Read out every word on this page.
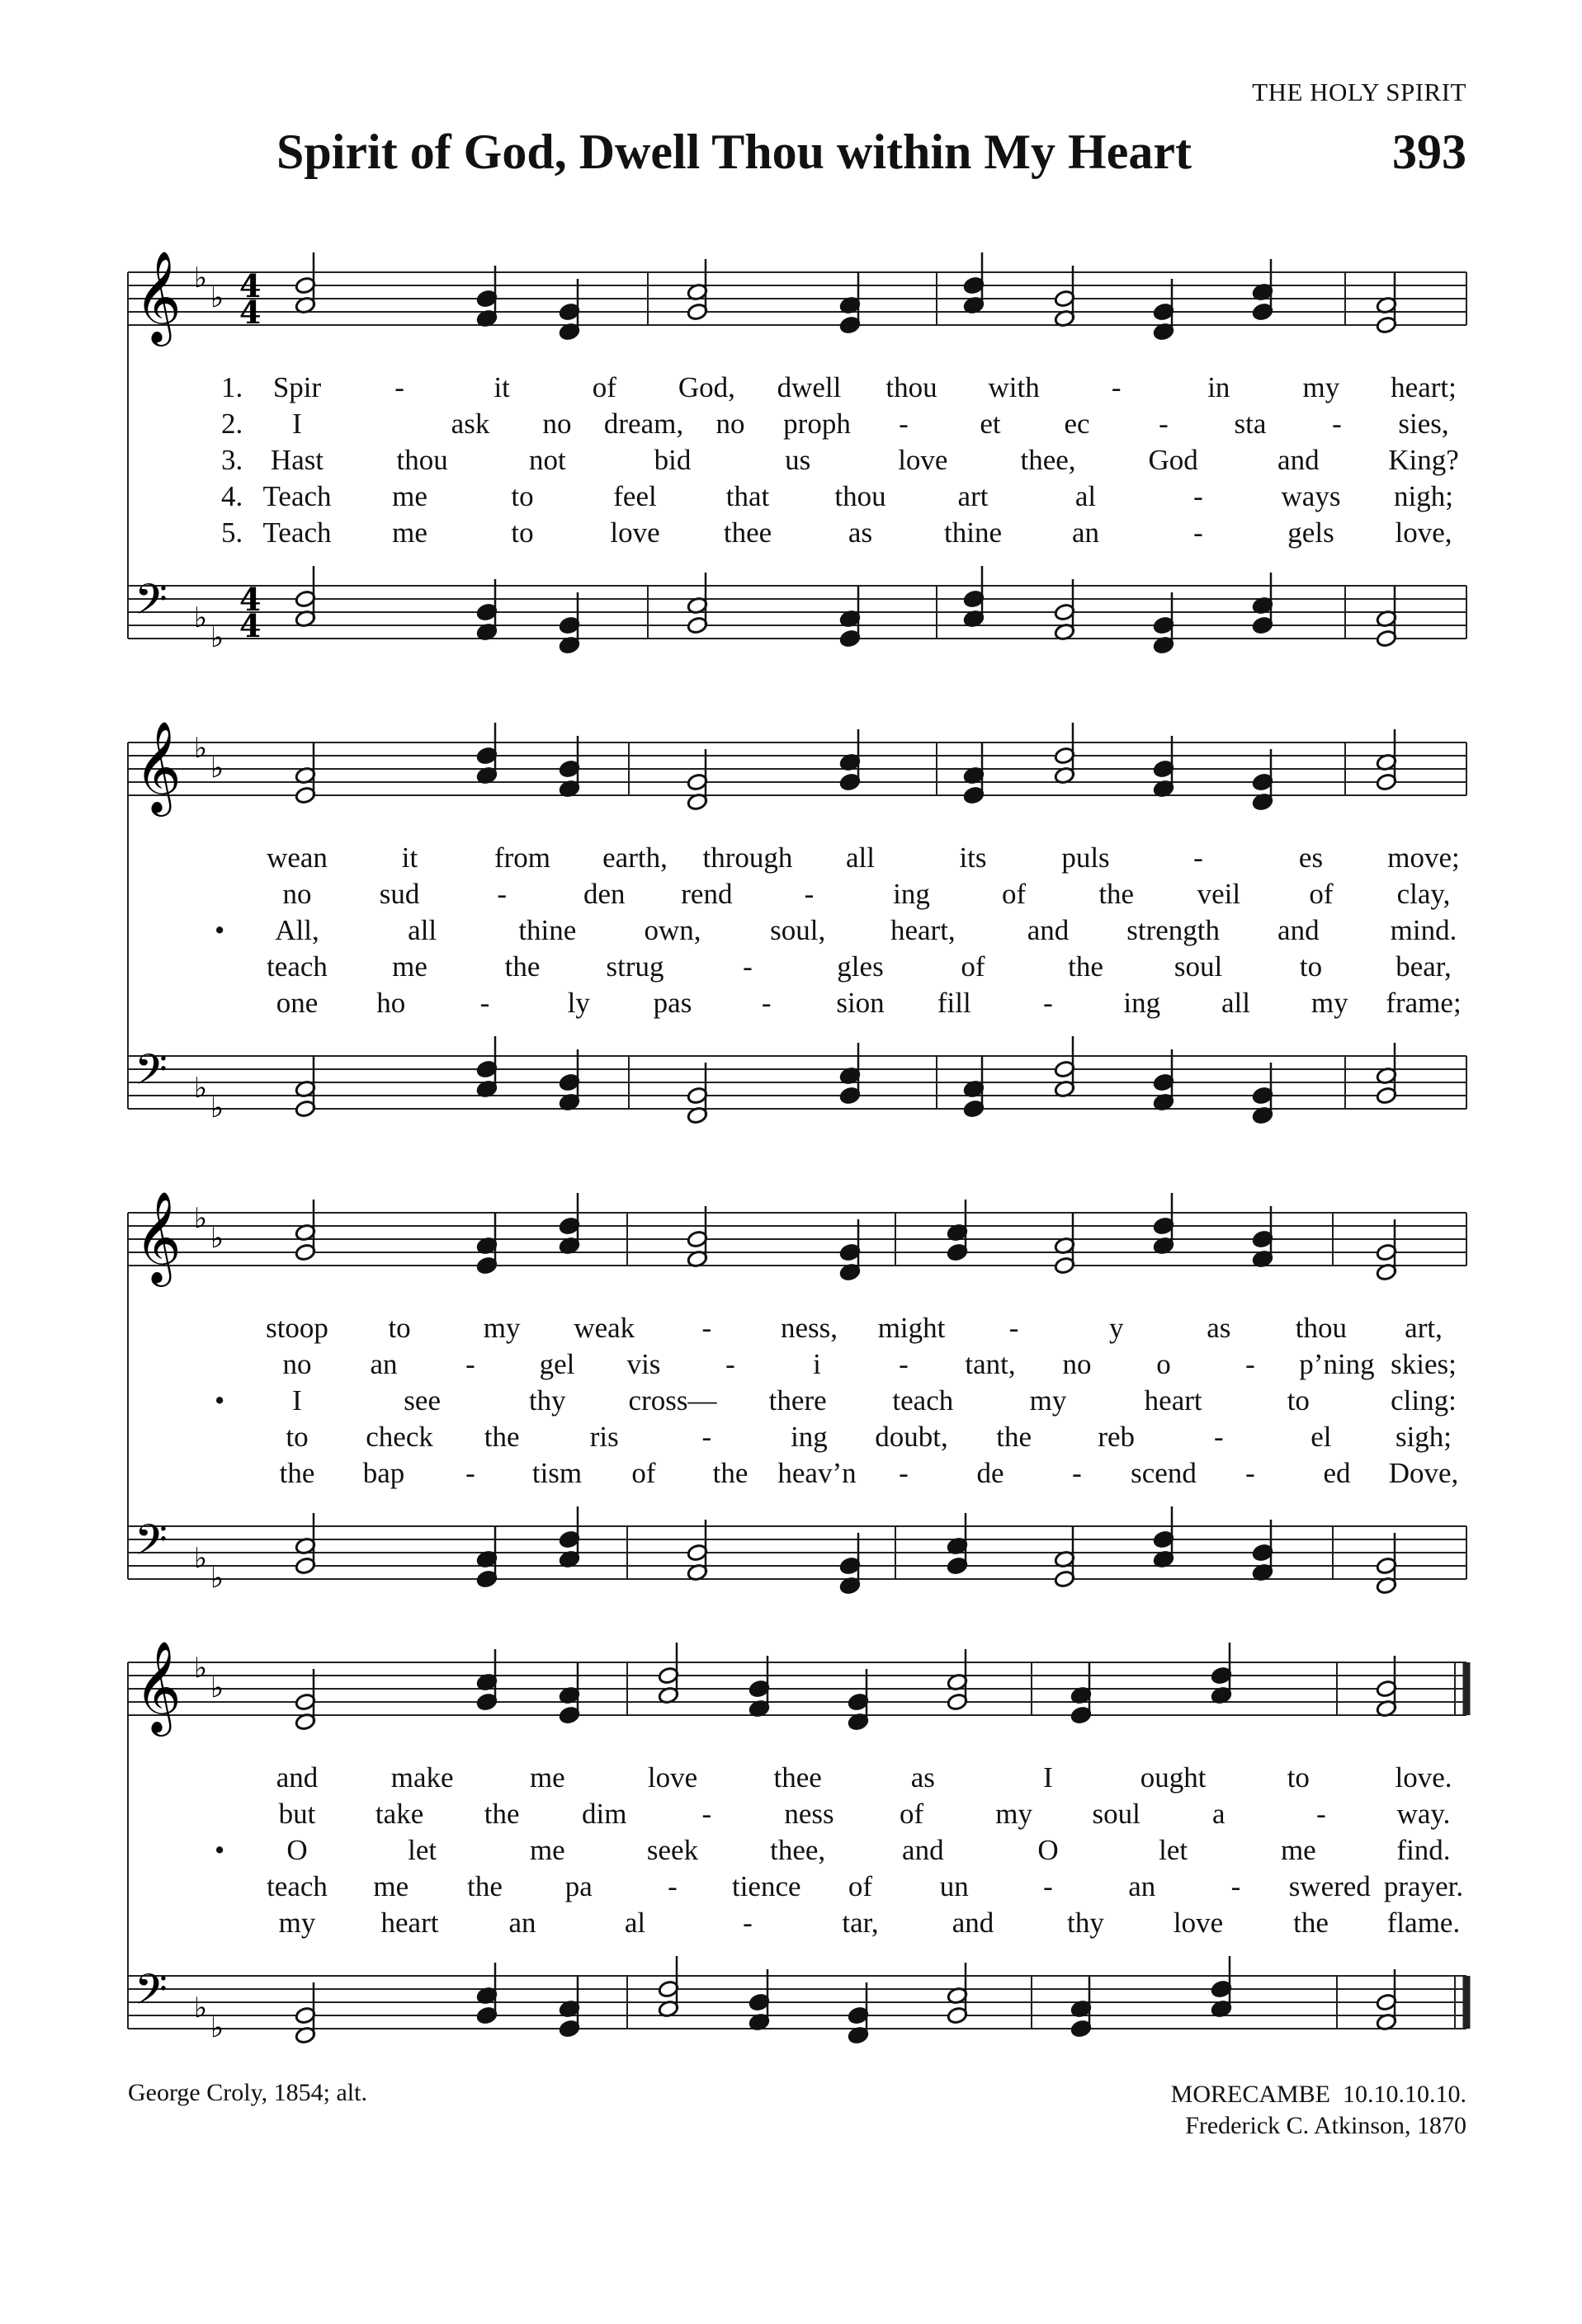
THE HOLY SPIRIT
Spirit of God, Dwell Thou within My Heart	393
𝄞 ♭
♭ 4
4
𝄢 ♭
♭
4
4
1. Spir	-	it	of God, dwell thou with -	in	my heart;
2. I	ask no dream, no proph - et ec - sta - sies,
3. Hast	thou	not	bid	us	love	thee,	God	and King?
4. Teach me	to	feel that thou art	al	-	ways nigh;
5. Teach me	to	love thee	as thine an	-	gels love,
𝄞 ♭
♭
𝄢 ♭
♭
wean	it	from earth, through all	its	puls	-	es move;
no sud	-	den rend -	ing of	the veil of clay,
• All,	all	thine own, soul, heart, and strength and mind.
teach me	the strug	-	gles	of	the soul	to	bear,
one ho	-	ly pas - sion fill	- ing all my frame;
𝄞 ♭
♭
𝄢 ♭
♭
stoop to	my weak - ness, might -	y	as thou art,
no an - gel vis -	i	- tant, no o	- p’ning skies;
• I	see	thy cross— there teach	my	heart	to	cling:
to check the ris	-	ing doubt, the reb	-	el sigh;
the bap - tism of the heav’n - de - scend - ed Dove,
𝄞 ♭
♭
𝄢 ♭
♭
and	make	me	love	thee	as	I	ought	to	love.
but take the dim	-	ness of my soul a	- way.
• O	let	me	seek thee,	and	O	let	me	find.
teach me the pa	- tience of un	-	an	- swered prayer.
my heart an	al	-	tar,	and	thy love the flame.
George Croly, 1854; alt.	MORECAMBE  10.10.10.10.
Frederick C. Atkinson, 1870
